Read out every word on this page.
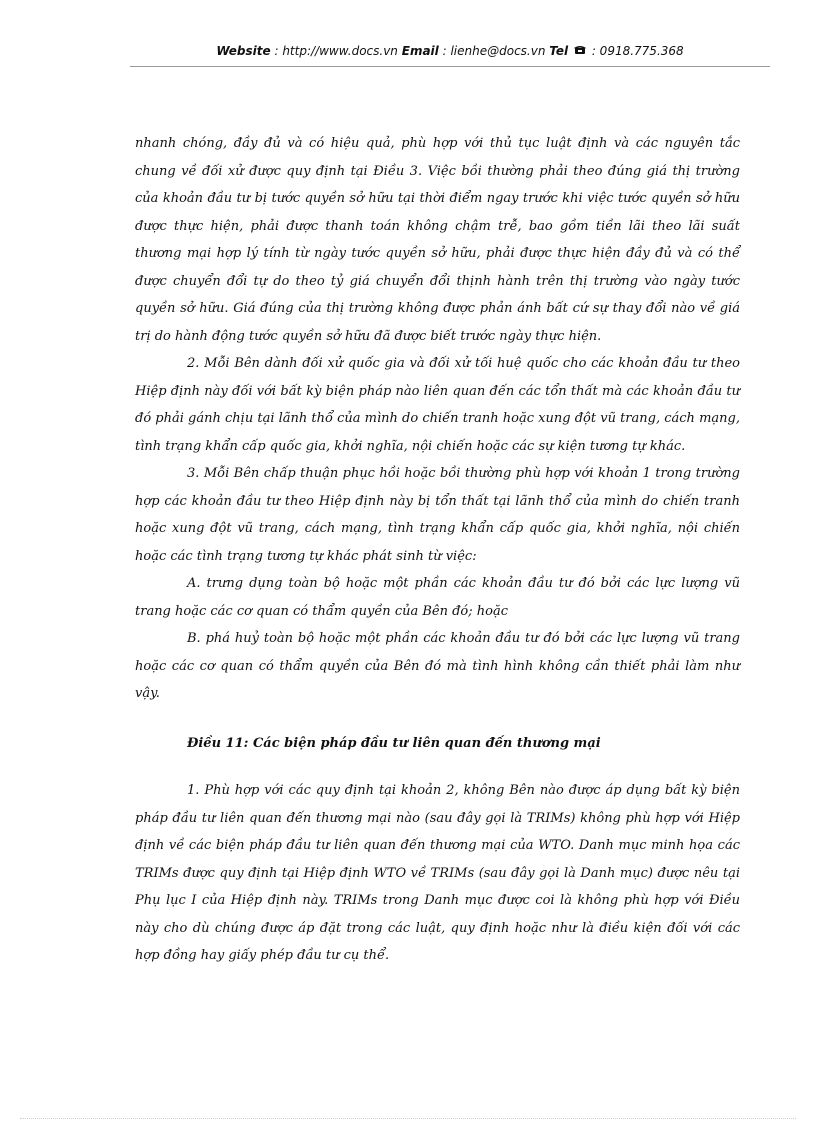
Website : http://www.docs.vn Email : lienhe@docs.vn Tel : 0918.775.368

nhanh chóng, đầy đủ và có hiệu quả, phù hợp với thủ tục luật định và các nguyên tắc chung về đối xử được quy định tại Điều 3. Việc bồi thường phải theo đúng giá thị trường của khoản đầu tư bị tước quyền sở hữu tại thời điểm ngay trước khi việc tước quyền sở hữu được thực hiện, phải được thanh toán không chậm trễ, bao gồm tiền lãi theo lãi suất thương mại hợp lý tính từ ngày tước quyền sở hữu, phải được thực hiện đầy đủ và có thể được chuyển đổi tự do theo tỷ giá chuyển đổi thịnh hành trên thị trường vào ngày tước quyền sở hữu. Giá đúng của thị trường không được phản ánh bất cứ sự thay đổi nào về giá trị do hành động tước quyền sở hữu đã được biết trước ngày thực hiện.

2. Mỗi Bên dành đối xử quốc gia và đối xử tối huệ quốc cho các khoản đầu tư theo Hiệp định này đối với bất kỳ biện pháp nào liên quan đến các tổn thất mà các khoản đầu tư đó phải gánh chịu tại lãnh thổ của mình do chiến tranh hoặc xung đột vũ trang, cách mạng, tình trạng khẩn cấp quốc gia, khởi nghĩa, nội chiến hoặc các sự kiện tương tự khác.

3. Mỗi Bên chấp thuận phục hồi hoặc bồi thường phù hợp với khoản 1 trong trường hợp các khoản đầu tư theo Hiệp định này bị tổn thất tại lãnh thổ của mình do chiến tranh hoặc xung đột vũ trang, cách mạng, tình trạng khẩn cấp quốc gia, khởi nghĩa, nội chiến hoặc các tình trạng tương tự khác phát sinh từ việc:

A. trưng dụng toàn bộ hoặc một phần các khoản đầu tư đó bởi các lực lượng vũ trang hoặc các cơ quan có thẩm quyền của Bên đó; hoặc

B. phá huỷ toàn bộ hoặc một phần các khoản đầu tư đó bởi các lực lượng vũ trang hoặc các cơ quan có thẩm quyền của Bên đó mà tình hình không cần thiết phải làm như vậy.

Điều 11: Các biện pháp đầu tư liên quan đến thương mại

1. Phù hợp với các quy định tại khoản 2, không Bên nào được áp dụng bất kỳ biện pháp đầu tư liên quan đến thương mại nào (sau đây gọi là TRIMs) không phù hợp với Hiệp định về các biện pháp đầu tư liên quan đến thương mại của WTO. Danh mục minh họa các TRIMs được quy định tại Hiệp định WTO về TRIMs (sau đây gọi là Danh mục) được nêu tại Phụ lục I của Hiệp định này. TRIMs trong Danh mục được coi là không phù hợp với Điều này cho dù chúng được áp đặt trong các luật, quy định hoặc như là điều kiện đối với các hợp đồng hay giấy phép đầu tư cụ thể.
